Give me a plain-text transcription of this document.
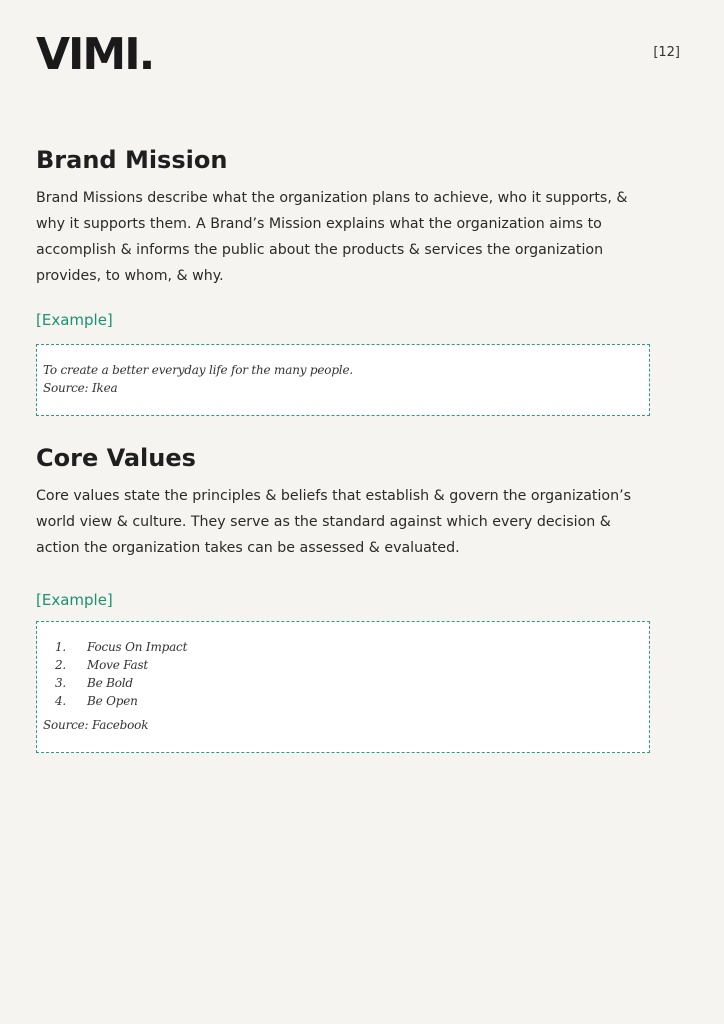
VIMI.	[12]
Brand Mission

Brand Missions describe what the organization plans to achieve, who it supports, & why it supports them. A Brand’s Mission explains what the organization aims to accomplish & informs the public about the products & services the organization provides, to whom, & why.

[Example]

To create a better everyday life for the many people.
Source: Ikea
Core Values

Core values state the principles & beliefs that establish & govern the organization’s world view & culture. They serve as the standard against which every decision & action the organization takes can be assessed & evaluated.

[Example]

1.	Focus On Impact
2.	Move Fast
3.	Be Bold
4.	Be Open
Source: Facebook
